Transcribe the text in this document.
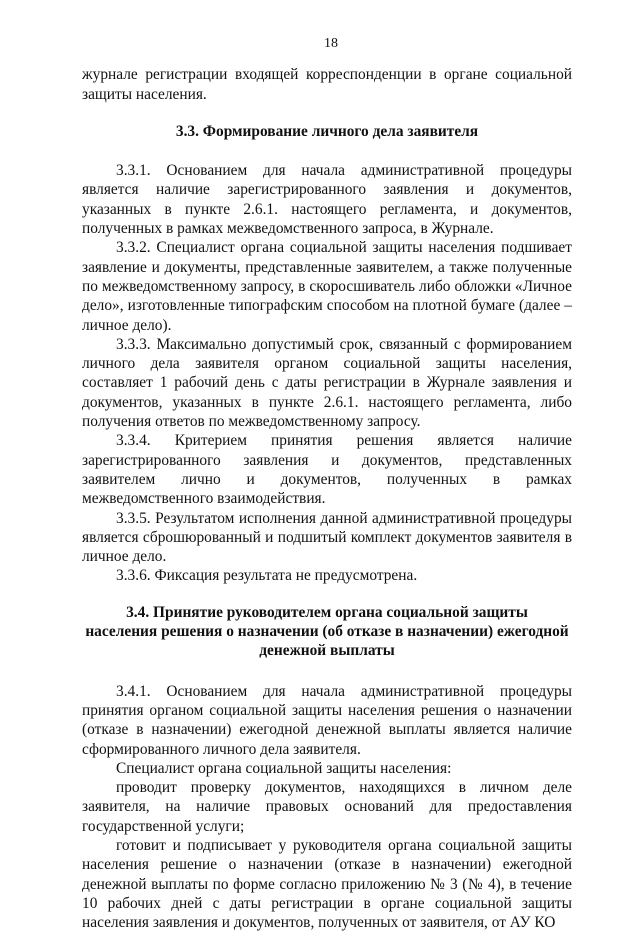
18

журнале регистрации входящей корреспонденции в органе социальной защиты населения.

3.3. Формирование личного дела заявителя

3.3.1. Основанием для начала административной процедуры является наличие зарегистрированного заявления и документов, указанных в пункте 2.6.1. настоящего регламента, и документов, полученных в рамках межведомственного запроса, в Журнале.

3.3.2. Специалист органа социальной защиты населения подшивает заявление и документы, представленные заявителем, а также полученные по межведомственному запросу, в скоросшиватель либо обложки «Личное дело», изготовленные типографским способом на плотной бумаге (далее – личное дело).

3.3.3. Максимально допустимый срок, связанный с формированием личного дела заявителя органом социальной защиты населения, составляет 1 рабочий день с даты регистрации в Журнале заявления и документов, указанных в пункте 2.6.1. настоящего регламента, либо получения ответов по межведомственному запросу.

3.3.4. Критерием принятия решения является наличие зарегистрированного заявления и документов, представленных заявителем лично и документов, полученных в рамках межведомственного взаимодействия.

3.3.5. Результатом исполнения данной административной процедуры является сброшюрованный и подшитый комплект документов заявителя в личное дело.

3.3.6. Фиксация результата не предусмотрена.

3.4. Принятие руководителем органа социальной защиты
населения решения о назначении (об отказе в назначении) ежегодной
денежной выплаты

3.4.1. Основанием для начала административной процедуры принятия органом социальной защиты населения решения о назначении (отказе в назначении) ежегодной денежной выплаты является наличие сформированного личного дела заявителя.

Специалист органа социальной защиты населения:

проводит проверку документов, находящихся в личном деле заявителя, на наличие правовых оснований для предоставления государственной услуги;

готовит и подписывает у руководителя органа социальной защиты населения решение о назначении (отказе в назначении) ежегодной денежной выплаты по форме согласно приложению № 3 (№ 4), в течение 10 рабочих дней с даты регистрации в органе социальной защиты населения заявления и документов, полученных от заявителя, от АУ КО
